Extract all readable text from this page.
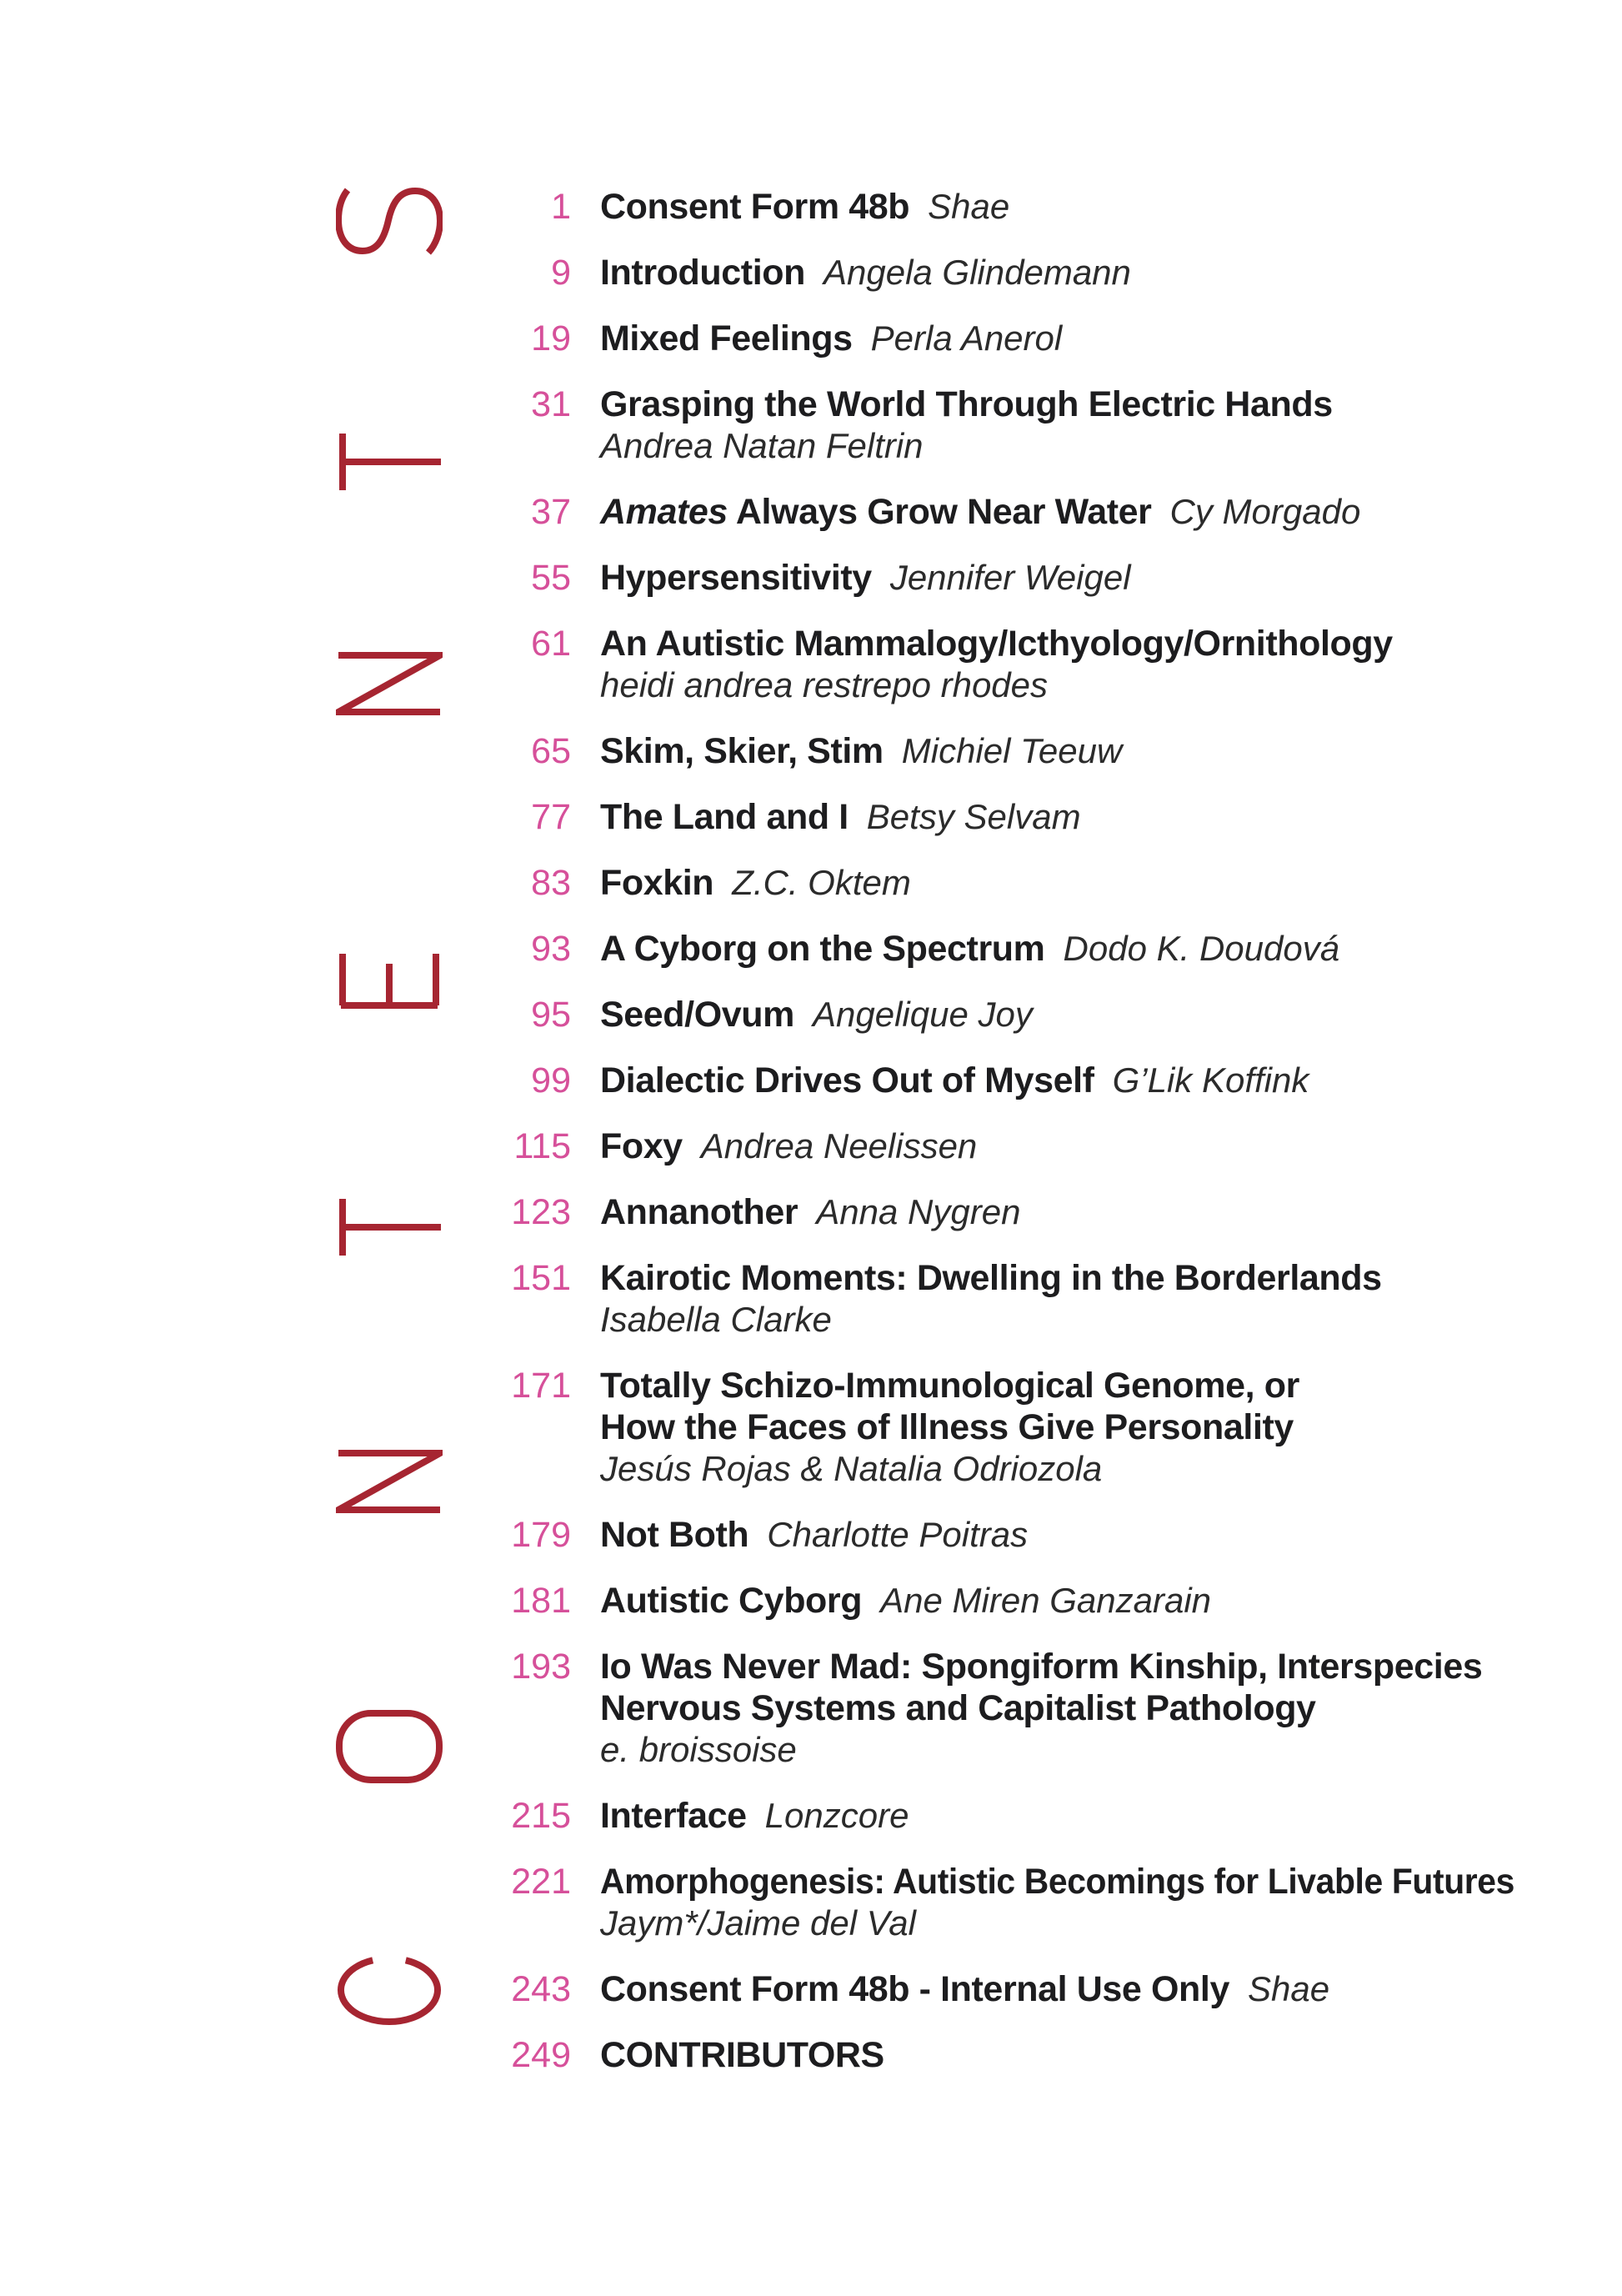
1 Consent Form 48b Shae
9 Introduction Angela Glindemann
19 Mixed Feelings Perla Anerol
31 Grasping the World Through Electric Hands
Andrea Natan Feltrin
37 Amates Always Grow Near Water Cy Morgado
55 Hypersensitivity Jennifer Weigel
61 An Autistic Mammalogy/Icthyology/Ornithology
heidi andrea restrepo rhodes
65 Skim, Skier, Stim Michiel Teeuw
77 The Land and I Betsy Selvam
83 Foxkin Z.C. Oktem
93 A Cyborg on the Spectrum Dodo K. Doudová
95 Seed/Ovum Angelique Joy
99 Dialectic Drives Out of Myself G’Lik Koffink
115 Foxy Andrea Neelissen
123 Annanother Anna Nygren
151 Kairotic Moments: Dwelling in the Borderlands
Isabella Clarke
171 Totally Schizo-Immunological Genome, or
How the Faces of Illness Give Personality
Jesús Rojas & Natalia Odriozola
179 Not Both Charlotte Poitras
181 Autistic Cyborg Ane Miren Ganzarain
193 Io Was Never Mad: Spongiform Kinship, Interspecies
Nervous Systems and Capitalist Pathology
e. broissoise
215 Interface Lonzcore
221 Amorphogenesis: Autistic Becomings for Livable Futures
Jaym*/Jaime del Val
243 Consent Form 48b - Internal Use Only Shae
249 CONTRIBUTORS
